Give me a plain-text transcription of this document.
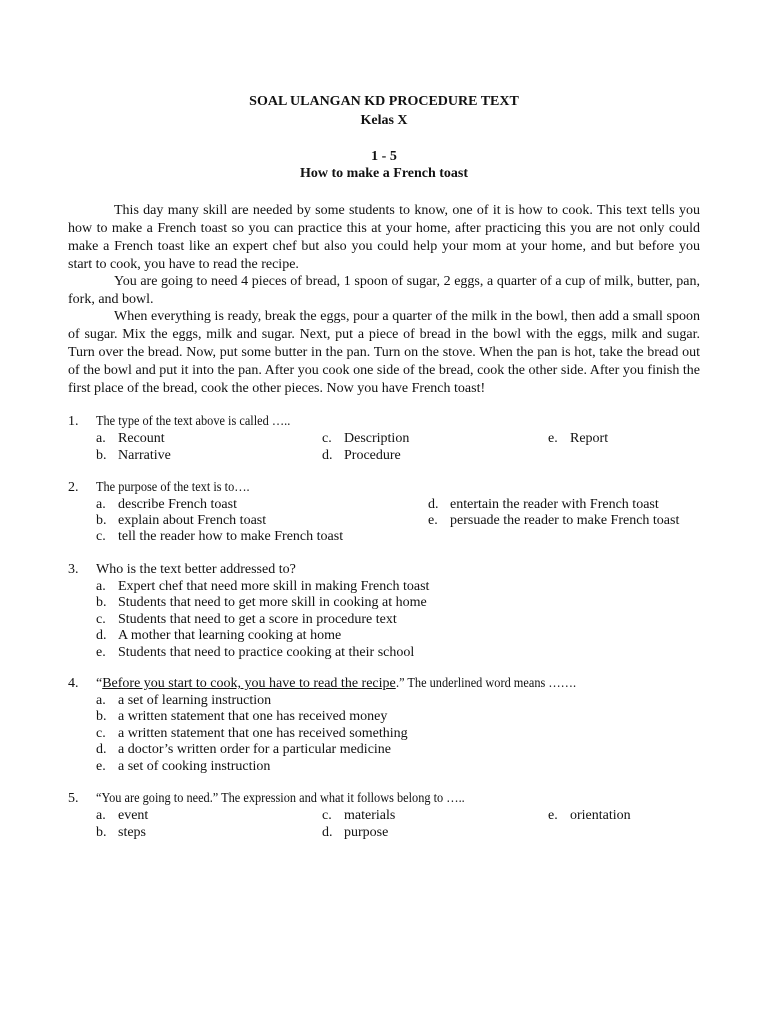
SOAL ULANGAN KD PROCEDURE TEXT
Kelas X
1 - 5
How to make a French toast

This day many skill are needed by some students to know, one of it is how to cook. This text tells you how to make a French toast so you can practice this at your home, after practicing this you are not only could make a French toast like an expert chef but also you could help your mom at your home, and but before you start to cook, you have to read the recipe.

You are going to need 4 pieces of bread, 1 spoon of sugar, 2 eggs, a quarter of a cup of milk, butter, pan, fork, and bowl.

When everything is ready, break the eggs, pour a quarter of the milk in the bowl, then add a small spoon of sugar. Mix the eggs, milk and sugar. Next, put a piece of bread in the bowl with the eggs, milk and sugar. Turn over the bread. Now, put some butter in the pan. Turn on the stove. When the pan is hot, take the bread out of the bowl and put it into the pan. After you cook one side of the bread, cook the other side. After you finish the first place of the bread, cook the other pieces. Now you have French toast!

1. The type of the text above is called …..
a. Recount
b. Narrative
c. Description
d. Procedure
e. Report
2. The purpose of the text is to….
a. describe French toast
b. explain about French toast
c. tell the reader how to make French toast
d. entertain the reader with French toast
e. persuade the reader to make French toast
3. Who is the text better addressed to?
a. Expert chef that need more skill in making French toast
b. Students that need to get more skill in cooking at home
c. Students that need to get a score in procedure text
d. A mother that learning cooking at home
e. Students that need to practice cooking at their school
4. “Before you start to cook, you have to read the recipe.” The underlined word means …….
a. a set of learning instruction
b. a written statement that one has received money
c. a written statement that one has received something
d. a doctor’s written order for a particular medicine
e. a set of cooking instruction
5. “You are going to need.” The expression and what it follows belong to …..
a. event
b. steps
c. materials
d. purpose
e. orientation
